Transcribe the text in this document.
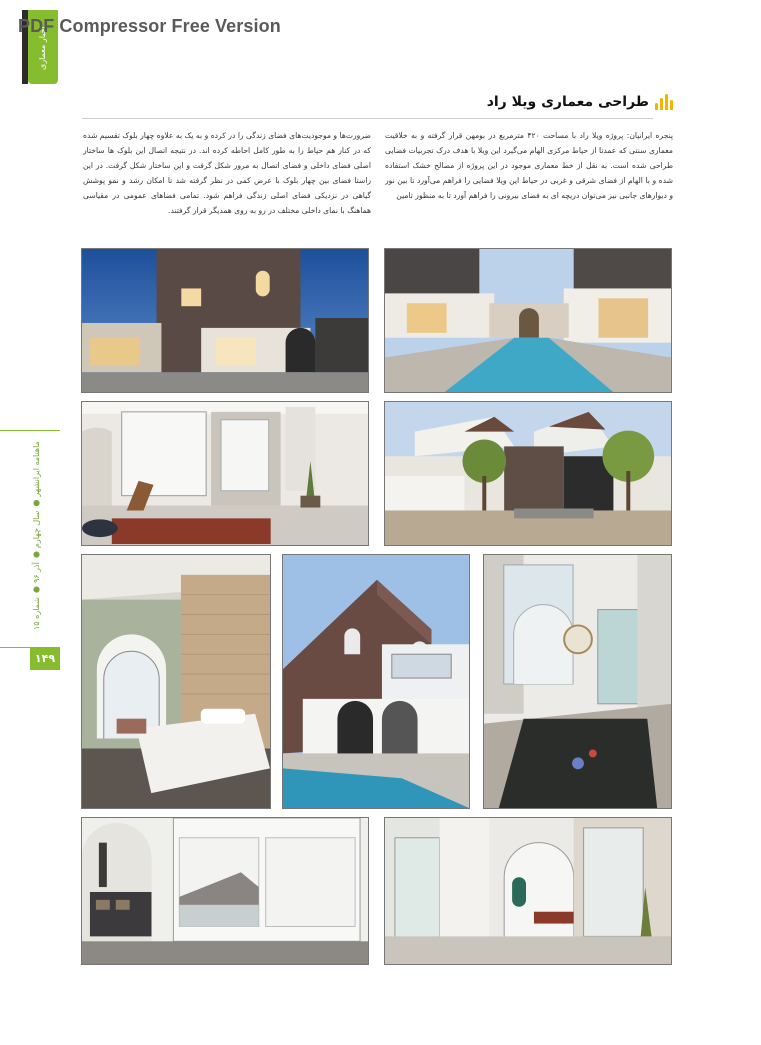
اخبار معماری
PDF Compressor Free Version
ماهنامه ایرانشهر ● سال چهارم ● آذر ۹۶ ● شماره ۱۵
۱۴۹
طراحی معماری ویلا راد
پنجره ایرانیان: پروژه ویلا راد با مساحت ۴۲۰ مترمربع در بومهن قرار گرفته و به خلاقیت معماری سنتی که عمدتا از حیاط مرکزی الهام می‌گیرد این ویلا با هدف درک تجربیات فضایی طراحی شده است. به نقل از خط معماری موجود در این پروژه از مصالح خشک استفاده شده و با الهام از فضای شرقی و غربی در حیاط این ویلا فضایی را فراهم می‌آورد تا بین نور و دیوارهای جانبی نیز می‌توان دریچه ای به فضای بیرونی را فراهم آورد تا به منظور تامین
ضرورت‌ها و موجودیت‌های فضای زندگی را در کرده و به یک به علاوه چهار بلوک تقسیم شده که در کنار هم حیاط را به طور کامل احاطه کرده اند. در نتیجه اتصال این بلوک ها ساختار اصلی فضای داخلی و فضای اتصال به مرور شکل گرفت و این ساختار شکل گرفت. در این راستا فضای بین چهار بلوک با عرض کمی در نظر گرفته شد تا امکان رشد و نمو پوشش گیاهی در نزدیکی فضای اصلی زندگی فراهم شود. تمامی فضاهای عمومی در مقیاسی هماهنگ با نمای داخلی مختلف در رو به روی همدیگر قرار گرفتند.
